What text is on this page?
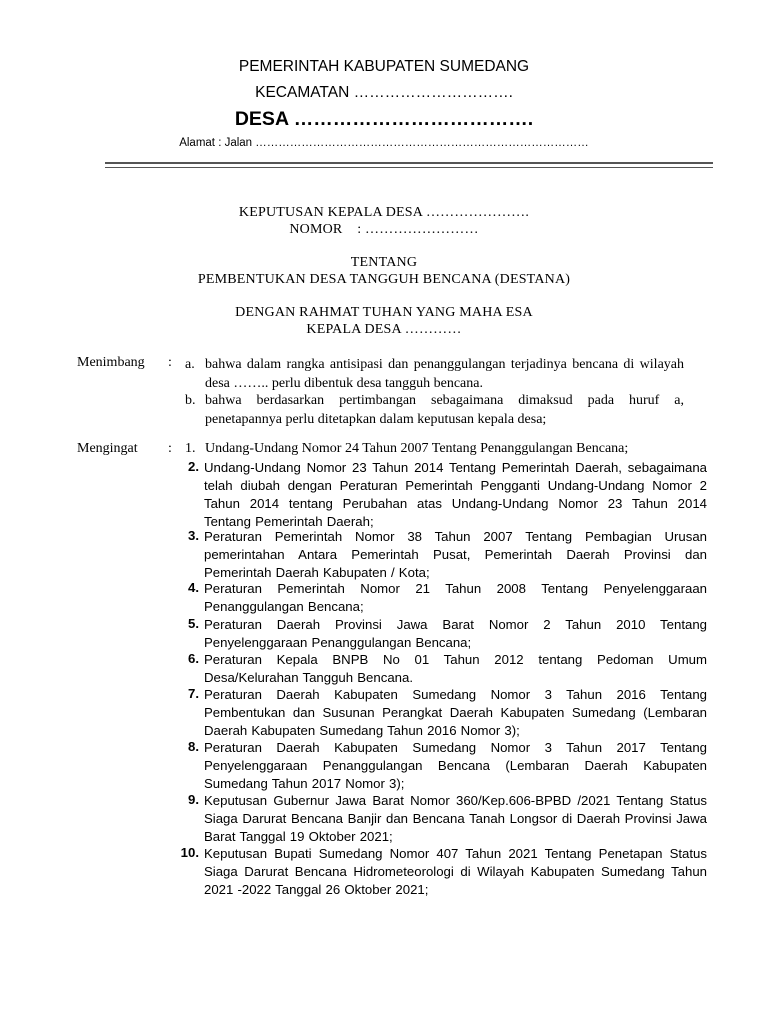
PEMERINTAH KABUPATEN SUMEDANG
KECAMATAN ………………………….
DESA ……………………………….
Alamat : Jalan ……………………………………………………………………………
KEPUTUSAN KEPALA DESA ………………….
NOMOR    : ……………………
TENTANG
PEMBENTUKAN DESA TANGGUH BENCANA (DESTANA)
DENGAN RAHMAT TUHAN YANG MAHA ESA
KEPALA DESA …………
Menimbang : a. bahwa dalam rangka antisipasi dan penanggulangan terjadinya bencana di wilayah desa …….. perlu dibentuk desa tangguh bencana.
b. bahwa berdasarkan pertimbangan sebagaimana dimaksud pada huruf a, penetapannya perlu ditetapkan dalam keputusan kepala desa;
Mengingat : 1. Undang-Undang Nomor 24 Tahun 2007 Tentang Penanggulangan Bencana;
2. Undang-Undang Nomor 23 Tahun 2014 Tentang Pemerintah Daerah, sebagaimana telah diubah dengan Peraturan Pemerintah Pengganti Undang-Undang Nomor 2 Tahun 2014 tentang Perubahan atas Undang-Undang Nomor 23 Tahun 2014 Tentang Pemerintah Daerah;
3. Peraturan Pemerintah Nomor 38 Tahun 2007 Tentang Pembagian Urusan pemerintahan Antara Pemerintah Pusat, Pemerintah Daerah Provinsi dan Pemerintah Daerah Kabupaten / Kota;
4. Peraturan Pemerintah Nomor 21 Tahun 2008 Tentang Penyelenggaraan Penanggulangan Bencana;
5. Peraturan Daerah Provinsi Jawa Barat Nomor 2 Tahun 2010 Tentang Penyelenggaraan Penanggulangan Bencana;
6. Peraturan Kepala BNPB No 01 Tahun 2012 tentang Pedoman Umum Desa/Kelurahan Tangguh Bencana.
7. Peraturan Daerah Kabupaten Sumedang Nomor 3 Tahun 2016 Tentang Pembentukan dan Susunan Perangkat Daerah Kabupaten Sumedang (Lembaran Daerah Kabupaten Sumedang Tahun 2016 Nomor 3);
8. Peraturan Daerah Kabupaten Sumedang Nomor 3 Tahun 2017 Tentang Penyelenggaraan Penanggulangan Bencana (Lembaran Daerah Kabupaten Sumedang Tahun 2017 Nomor 3);
9. Keputusan Gubernur Jawa Barat Nomor 360/Kep.606-BPBD /2021 Tentang Status Siaga Darurat Bencana Banjir dan Bencana Tanah Longsor di Daerah Provinsi Jawa Barat Tanggal 19 Oktober 2021;
10. Keputusan Bupati Sumedang Nomor 407 Tahun 2021 Tentang Penetapan Status Siaga Darurat Bencana Hidrometeorologi di Wilayah Kabupaten Sumedang Tahun 2021 -2022 Tanggal 26 Oktober 2021;
